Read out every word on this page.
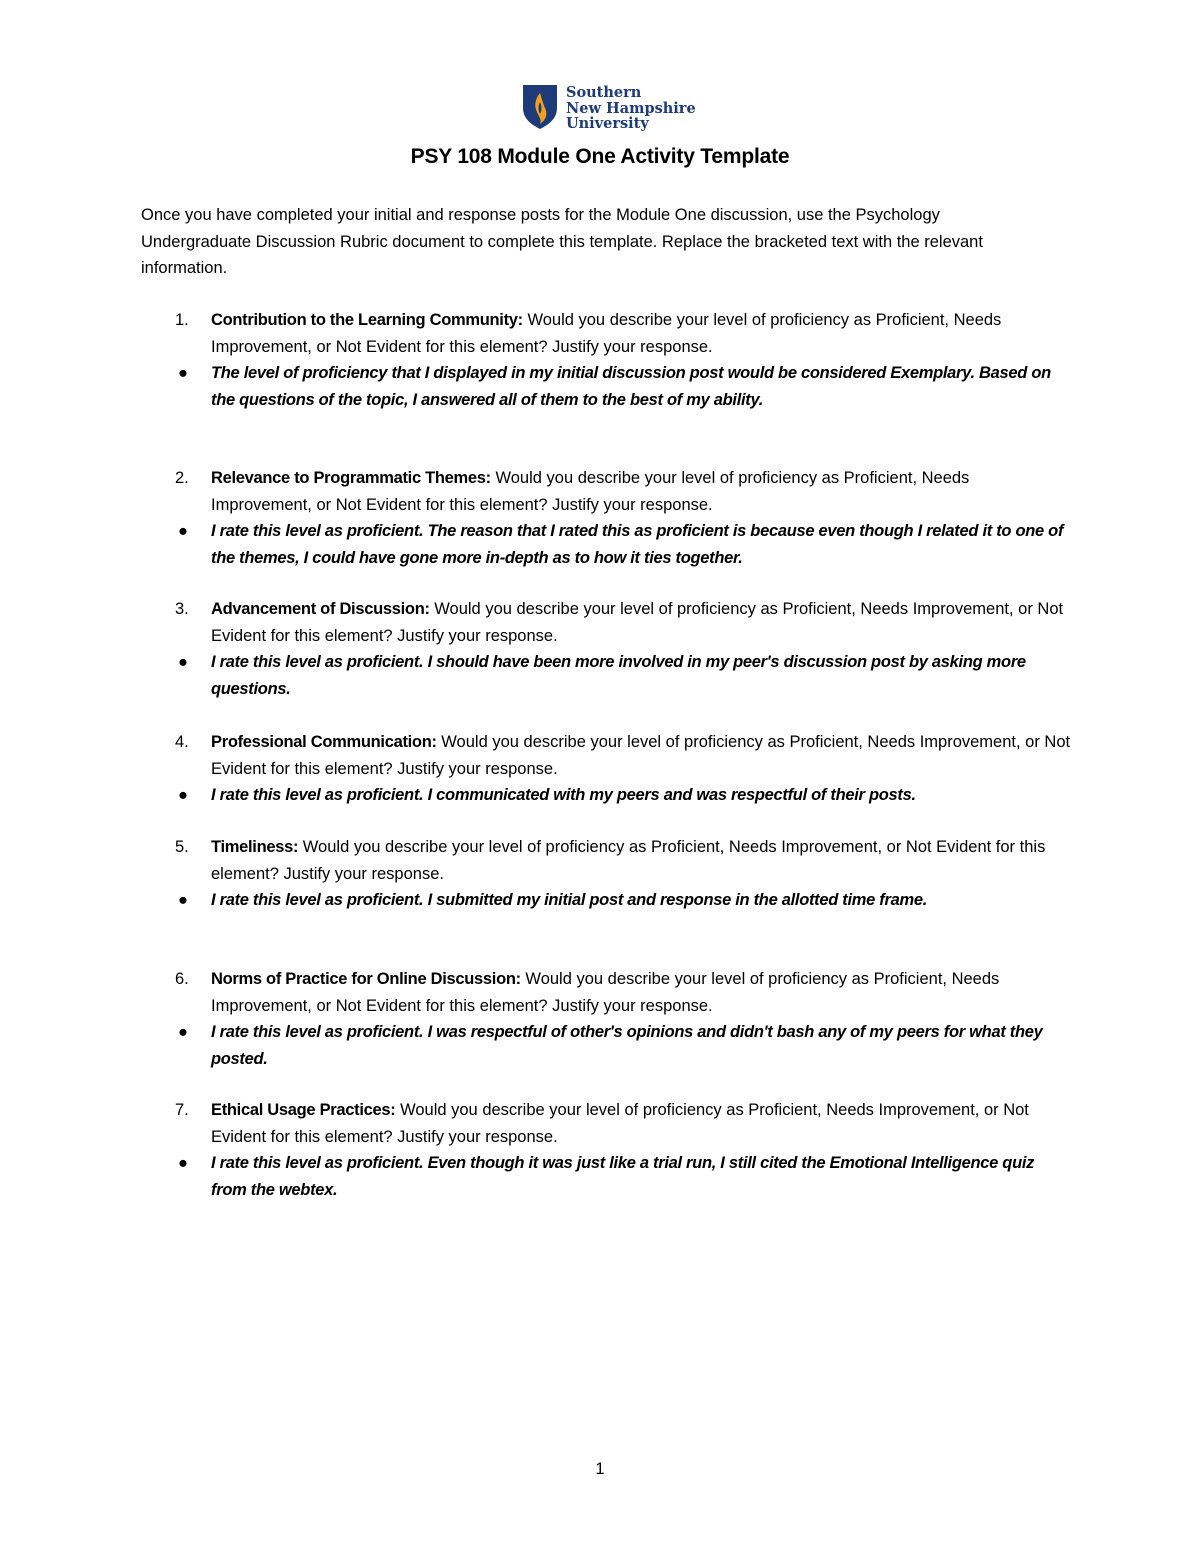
Southern
New Hampshire
University
PSY 108 Module One Activity Template
Once you have completed your initial and response posts for the Module One discussion, use the Psychology Undergraduate Discussion Rubric document to complete this template. Replace the bracketed text with the relevant information.
1. Contribution to the Learning Community: Would you describe your level of proficiency as Proficient, Needs Improvement, or Not Evident for this element? Justify your response.
● The level of proficiency that I displayed in my initial discussion post would be considered Exemplary. Based on the questions of the topic, I answered all of them to the best of my ability.
2. Relevance to Programmatic Themes: Would you describe your level of proficiency as Proficient, Needs Improvement, or Not Evident for this element? Justify your response.
● I rate this level as proficient. The reason that I rated this as proficient is because even though I related it to one of the themes, I could have gone more in-depth as to how it ties together.
3. Advancement of Discussion: Would you describe your level of proficiency as Proficient, Needs Improvement, or Not Evident for this element? Justify your response.
● I rate this level as proficient. I should have been more involved in my peer's discussion post by asking more questions.
4. Professional Communication: Would you describe your level of proficiency as Proficient, Needs Improvement, or Not Evident for this element? Justify your response.
● I rate this level as proficient. I communicated with my peers and was respectful of their posts.
5. Timeliness: Would you describe your level of proficiency as Proficient, Needs Improvement, or Not Evident for this element? Justify your response.
● I rate this level as proficient. I submitted my initial post and response in the allotted time frame.
6. Norms of Practice for Online Discussion: Would you describe your level of proficiency as Proficient, Needs Improvement, or Not Evident for this element? Justify your response.
● I rate this level as proficient. I was respectful of other's opinions and didn't bash any of my peers for what they posted.
7. Ethical Usage Practices: Would you describe your level of proficiency as Proficient, Needs Improvement, or Not Evident for this element? Justify your response.
● I rate this level as proficient. Even though it was just like a trial run, I still cited the Emotional Intelligence quiz from the webtex.
1
